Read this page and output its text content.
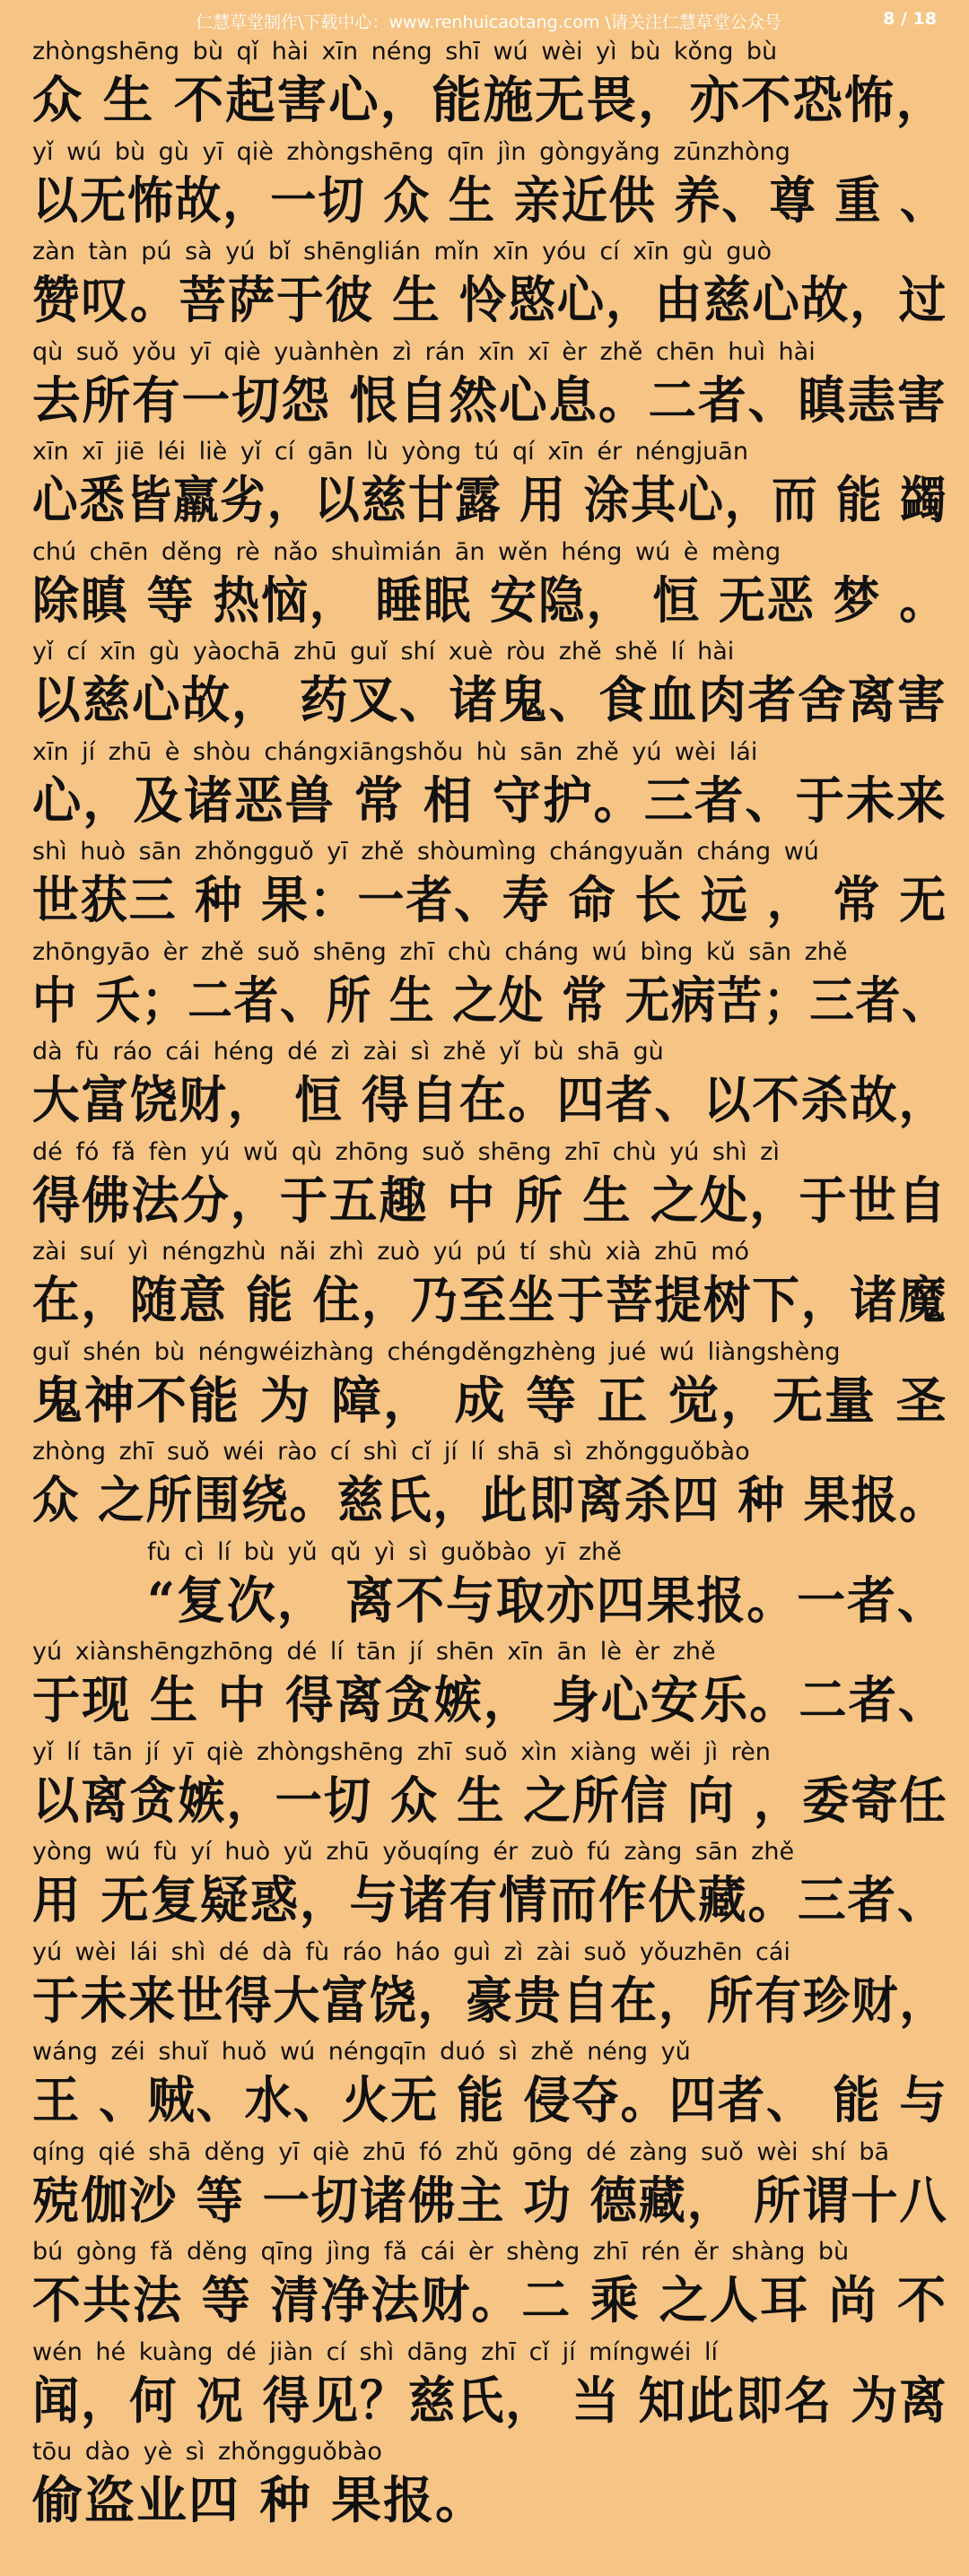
仁慧草堂制作\下载中心：www.renhuicaotang.com \请关注仁慧草堂公众号	8 / 18
zhòngshēng bù qǐ hài xīn néng shī wú wèi yì bù kǒng bù
众 生 不起害心，能施无畏，亦不恐怖，
yǐ wú bù gù yī qiè zhòngshēng qīn jìn gòngyǎng zūnzhòng
以无怖故，一切 众 生 亲近供 养、尊 重 、
zàn tàn pú sà yú bǐ shēnglián mǐn xīn yóu cí xīn gù guò
赞叹。菩萨于彼 生 怜愍心，由慈心故，过
qù suǒ yǒu yī qiè yuànhèn zì rán xīn xī èr zhě chēn huì hài
去所有一切怨 恨自然心息。二者、瞋恚害
xīn xī jiē léi liè yǐ cí gān lù yòng tú qí xīn ér néngjuān
心悉皆羸劣，以慈甘露 用 涂其心，而 能 蠲
chú chēn děng rè nǎo shuìmián ān wěn héng wú è mèng
除瞋 等 热恼， 睡眠 安隐， 恒 无恶 梦 。
yǐ cí xīn gù yàochā zhū guǐ shí xuè ròu zhě shě lí hài
以慈心故， 药叉、诸鬼、食血肉者舍离害
xīn jí zhū è shòu chángxiāngshǒu hù sān zhě yú wèi lái
心，及诸恶兽 常 相 守护。三者、于未来
shì huò sān zhǒngguǒ yī zhě shòumìng chángyuǎn cháng wú
世获三 种 果：一者、寿 命 长 远 ， 常 无
zhōngyāo èr zhě suǒ shēng zhī chù cháng wú bìng kǔ sān zhě
中 夭；二者、所 生 之处 常 无病苦；三者、
dà fù ráo cái héng dé zì zài sì zhě yǐ bù shā gù
大富饶财， 恒 得自在。四者、以不杀故，
dé fó fǎ fèn yú wǔ qù zhōng suǒ shēng zhī chù yú shì zì
得佛法分，于五趣 中 所 生 之处，于世自
zài suí yì néngzhù nǎi zhì zuò yú pú tí shù xià zhū mó
在，随意 能 住，乃至坐于菩提树下，诸魔
guǐ shén bù néngwéizhàng chéngděngzhèng jué wú liàngshèng
鬼神不能 为 障， 成 等 正 觉，无量 圣
zhòng zhī suǒ wéi rào cí shì cǐ jí lí shā sì zhǒngguǒbào
众 之所围绕。慈氏，此即离杀四 种 果报。
fù cì lí bù yǔ qǔ yì sì guǒbào yī zhě
“复次， 离不与取亦四果报。一者、
yú xiànshēngzhōng dé lí tān jí shēn xīn ān lè èr zhě
于现 生 中 得离贪嫉， 身心安乐。二者、
yǐ lí tān jí yī qiè zhòngshēng zhī suǒ xìn xiàng wěi jì rèn
以离贪嫉，一切 众 生 之所信 向 ，委寄任
yòng wú fù yí huò yǔ zhū yǒuqíng ér zuò fú zàng sān zhě
用 无复疑惑，与诸有情而作伏藏。三者、
yú wèi lái shì dé dà fù ráo háo guì zì zài suǒ yǒuzhēn cái
于未来世得大富饶，豪贵自在，所有珍财，
wáng zéi shuǐ huǒ wú néngqīn duó sì zhě néng yǔ
王 、贼、水、火无 能 侵夺。四者、 能 与
qíng qié shā děng yī qiè zhū fó zhǔ gōng dé zàng suǒ wèi shí bā
殑伽沙 等 一切诸佛主 功 德藏， 所谓十八
bú gòng fǎ děng qīng jìng fǎ cái èr shèng zhī rén ěr shàng bù
不共法 等 清净法财。二 乘 之人耳 尚 不
wén hé kuàng dé jiàn cí shì dāng zhī cǐ jí míngwéi lí
闻，何 况 得见？慈氏， 当 知此即名 为离
tōu dào yè sì zhǒngguǒbào
偷盗业四 种 果报。
